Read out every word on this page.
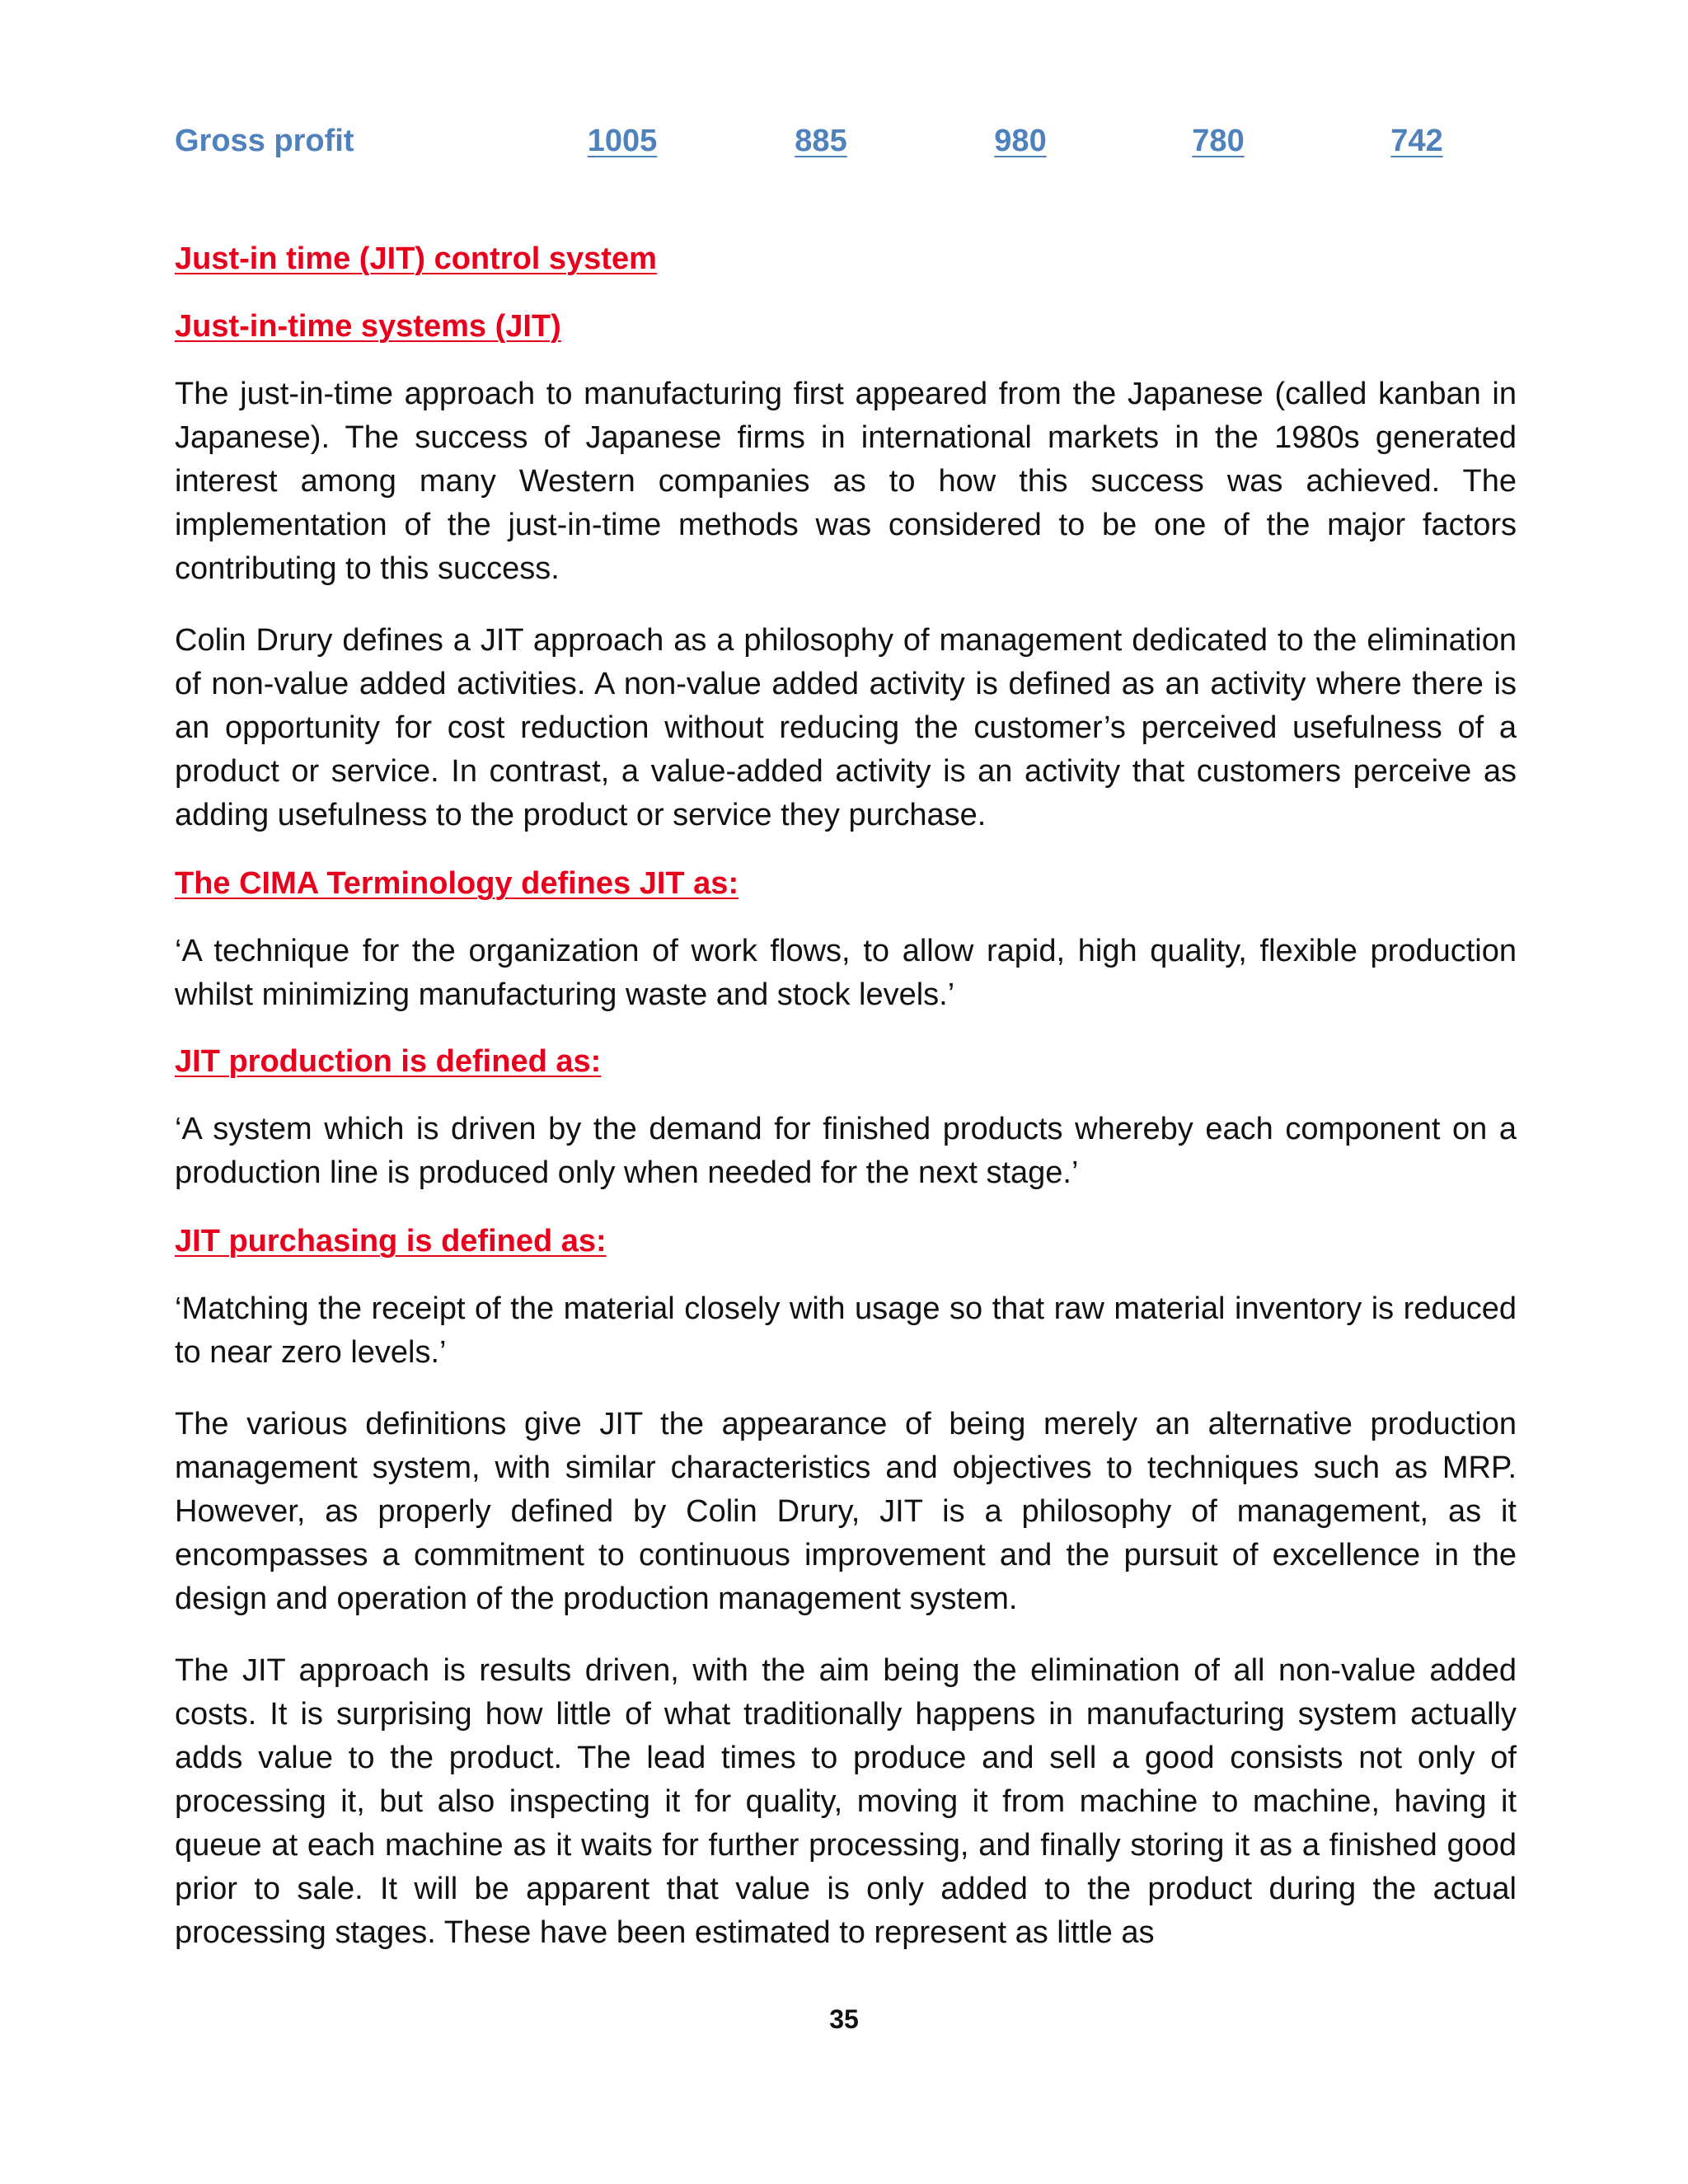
Gross profit	1005	885	980	780	742
Just-in time (JIT) control system
Just-in-time systems (JIT)

The just-in-time approach to manufacturing first appeared from the Japanese (called kanban in Japanese). The success of Japanese firms in international markets in the 1980s generated interest among many Western companies as to how this success was achieved. The implementation of the just-in-time methods was considered to be one of the major factors contributing to this success.

Colin Drury defines a JIT approach as a philosophy of management dedicated to the elimination of non-value added activities. A non-value added activity is defined as an activity where there is an opportunity for cost reduction without reducing the customer’s perceived usefulness of a product or service. In contrast, a value-added activity is an activity that customers perceive as adding usefulness to the product or service they purchase.

The CIMA Terminology defines JIT as:

‘A technique for the organization of work flows, to allow rapid, high quality, flexible production whilst minimizing manufacturing waste and stock levels.’

JIT production is defined as:

‘A system which is driven by the demand for finished products whereby each component on a production line is produced only when needed for the next stage.’

JIT purchasing is defined as:

‘Matching the receipt of the material closely with usage so that raw material inventory is reduced to near zero levels.’

The various definitions give JIT the appearance of being merely an alternative production management system, with similar characteristics and objectives to techniques such as MRP. However, as properly defined by Colin Drury, JIT is a philosophy of management, as it encompasses a commitment to continuous improvement and the pursuit of excellence in the design and operation of the production management system.

The JIT approach is results driven, with the aim being the elimination of all non-value added costs. It is surprising how little of what traditionally happens in manufacturing system actually adds value to the product. The lead times to produce and sell a good consists not only of processing it, but also inspecting it for quality, moving it from machine to machine, having it queue at each machine as it waits for further processing, and finally storing it as a finished good prior to sale. It will be apparent that value is only added to the product during the actual processing stages. These have been estimated to represent as little as

35
